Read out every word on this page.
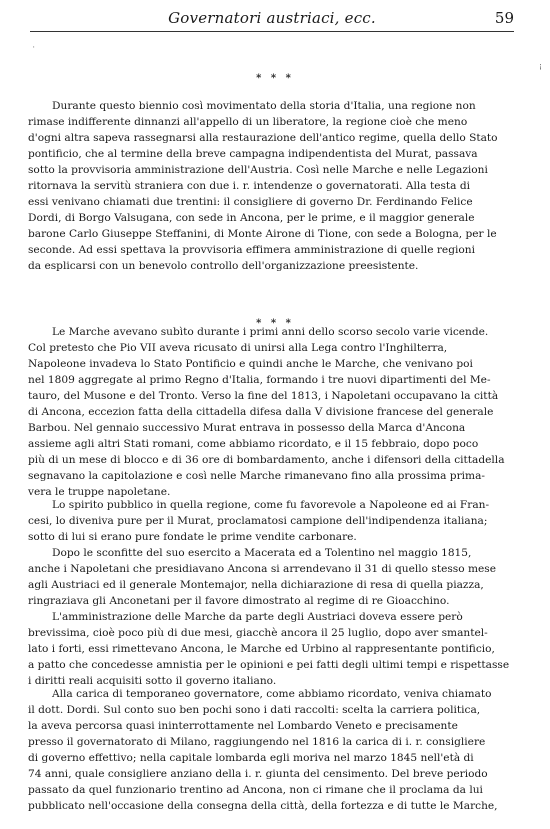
Governatori austriaci, ecc.	59
'
¡
* * *
Durante questo biennio così movimentato della storia d'Italia, una regione non
rimase indifferente dinnanzi all'appello di un liberatore, la regione cioè che meno
d'ogni altra sapeva rassegnarsi alla restaurazione dell'antico regime, quella dello Stato
pontificio, che al termine della breve campagna indipendentista del Murat, passava
sotto la provvisoria amministrazione dell'Austria. Così nelle Marche e nelle Legazioni
ritornava la servitù straniera con due i. r. intendenze o governatorati. Alla testa di
essi venivano chiamati due trentini: il consigliere di governo Dr. Ferdinando Felice
Dordi, di Borgo Valsugana, con sede in Ancona, per le prime, e il maggior generale
barone Carlo Giuseppe Steffanini, di Monte Airone di Tione, con sede a Bologna, per le
seconde. Ad essi spettava la provvisoria effimera amministrazione di quelle regioni
da esplicarsi con un benevolo controllo dell'organizzazione preesistente.
* * *
Le Marche avevano subìto durante i primi anni dello scorso secolo varie vicende.
Col pretesto che Pio VII aveva ricusato di unirsi alla Lega contro l'Inghilterra,
Napoleone invadeva lo Stato Pontificio e quindi anche le Marche, che venivano poi
nel 1809 aggregate al primo Regno d'Italia, formando i tre nuovi dipartimenti del Me-
tauro, del Musone e del Tronto. Verso la fine del 1813, i Napoletani occupavano la città
di Ancona, eccezion fatta della cittadella difesa dalla V divisione francese del generale
Barbou. Nel gennaio successivo Murat entrava in possesso della Marca d'Ancona
assieme agli altri Stati romani, come abbiamo ricordato, e il 15 febbraio, dopo poco
più di un mese di blocco e di 36 ore di bombardamento, anche i difensori della cittadella
segnavano la capitolazione e così nelle Marche rimanevano fino alla prossima prima-
vera le truppe napoletane.
Lo spirito pubblico in quella regione, come fu favorevole a Napoleone ed ai Fran-
cesi, lo diveniva pure per il Murat, proclamatosi campione dell'indipendenza italiana;
sotto di lui si erano pure fondate le prime vendite carbonare.
Dopo le sconfitte del suo esercito a Macerata ed a Tolentino nel maggio 1815,
anche i Napoletani che presidiavano Ancona si arrendevano il 31 di quello stesso mese
agli Austriaci ed il generale Montemajor, nella dichiarazione di resa di quella piazza,
ringraziava gli Anconetani per il favore dimostrato al regime di re Gioacchino.
L'amministrazione delle Marche da parte degli Austriaci doveva essere però
brevissima, cioè poco più di due mesi, giacchè ancora il 25 luglio, dopo aver smantel-
lato i forti, essi rimettevano Ancona, le Marche ed Urbino al rappresentante pontificio,
a patto che concedesse amnistia per le opinioni e pei fatti degli ultimi tempi e rispettasse
i diritti reali acquisiti sotto il governo italiano.
Alla carica di temporaneo governatore, come abbiamo ricordato, veniva chiamato
il dott. Dordi. Sul conto suo ben pochi sono i dati raccolti: scelta la carriera politica,
la aveva percorsa quasi ininterrottamente nel Lombardo Veneto e precisamente
presso il governatorato di Milano, raggiungendo nel 1816 la carica di i. r. consigliere
di governo effettivo; nella capitale lombarda egli moriva nel marzo 1845 nell'età di
74 anni, quale consigliere anziano della i. r. giunta del censimento. Del breve periodo
passato da quel funzionario trentino ad Ancona, non ci rimane che il proclama da lui
pubblicato nell'occasione della consegna della città, della fortezza e di tutte le Marche,
